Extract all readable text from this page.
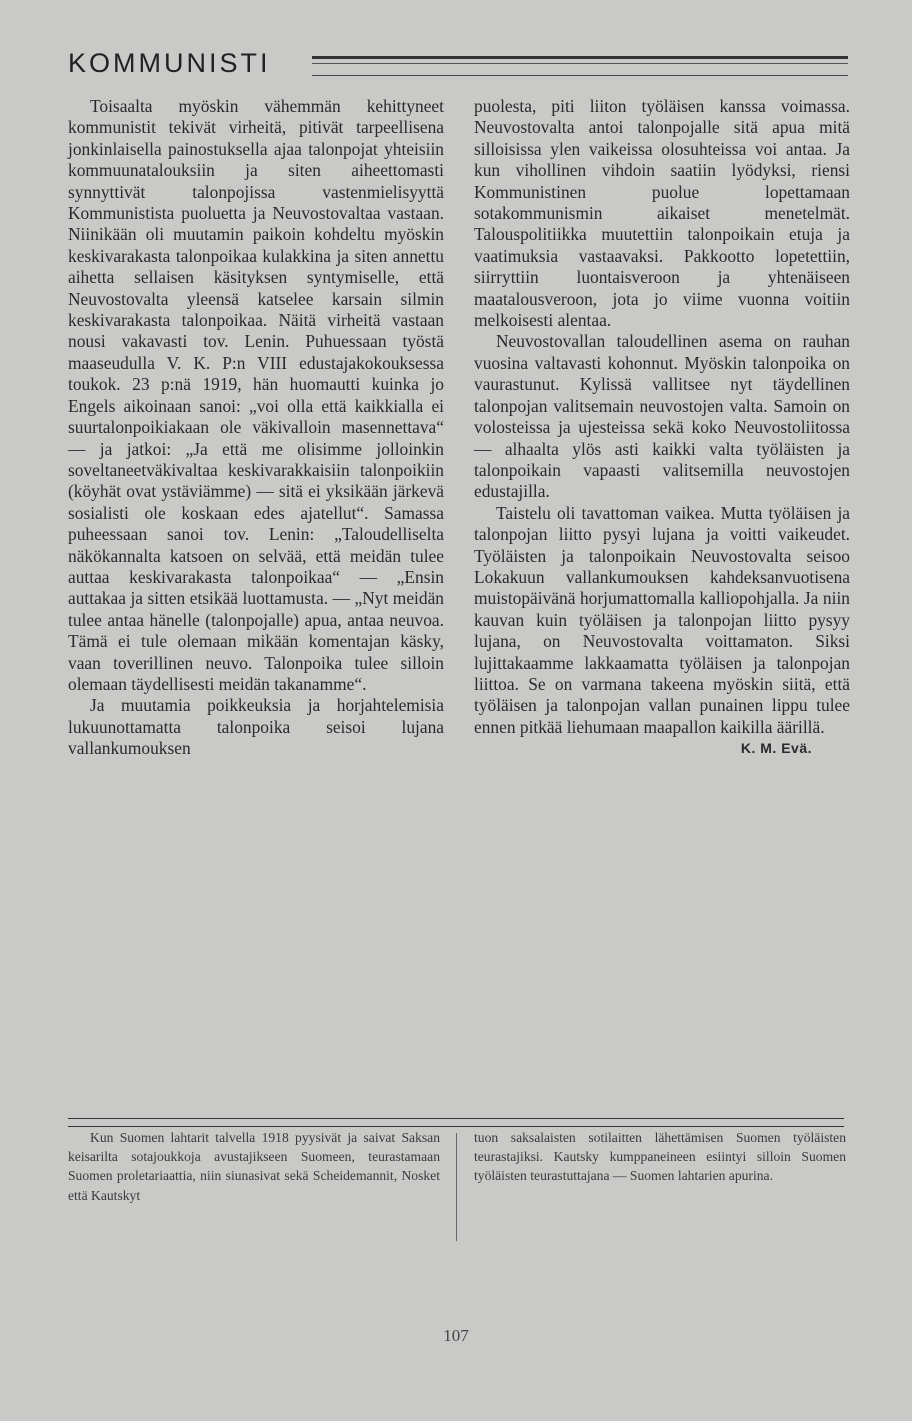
KOMMUNISTI

Toisaalta myöskin vähemmän kehittyneet kommunistit tekivät virheitä, pitivät tarpeellisena jonkinlaisella painostuksella ajaa talonpojat yhteisiin kommuunatalouksiin ja siten aiheettomasti synnyttivät talonpojissa vastenmielisyyttä Kommunistista puoluetta ja Neuvostovaltaa vastaan. Niinikään oli muutamin paikoin kohdeltu myöskin keskivarakasta talonpoikaa kulakkina ja siten annettu aihetta sellaisen käsityksen syntymiselle, että Neuvostovalta yleensä katselee karsain silmin keskivarakasta talonpoikaa. Näitä virheitä vastaan nousi vakavasti tov. Lenin. Puhuessaan työstä maaseudulla V. K. P:n VIII edustajakokouksessa toukok. 23 p:nä 1919, hän huomautti kuinka jo Engels aikoinaan sanoi: „voi olla että kaikkialla ei suurtalonpoikiakaan ole väkivalloin masennettava“ — ja jatkoi: „Ja että me olisimme jolloinkin soveltaneetväkivaltaa keskivarakkaisiin talonpoikiin (köyhät ovat ystäviämme) — sitä ei yksikään järkevä sosialisti ole koskaan edes ajatellut“. Samassa puheessaan sanoi tov. Lenin: „Taloudelliselta näkökannalta katsoen on selvää, että meidän tulee auttaa keskivarakasta talonpoikaa“ — „Ensin auttakaa ja sitten etsikää luottamusta. — „Nyt meidän tulee antaa hänelle (talonpojalle) apua, antaa neuvoa. Tämä ei tule olemaan mikään komentajan käsky, vaan toverillinen neuvo. Talonpoika tulee silloin olemaan täydellisesti meidän takanamme“.

Ja muutamia poikkeuksia ja horjahtelemisia lukuunottamatta talonpoika seisoi lujana vallankumouksen

puolesta, piti liiton työläisen kanssa voimassa. Neuvostovalta antoi talonpojalle sitä apua mitä silloisissa ylen vaikeissa olosuhteissa voi antaa. Ja kun vihollinen vihdoin saatiin lyödyksi, riensi Kommunistinen puolue lopettamaan sotakommunismin aikaiset menetelmät. Talouspolitiikka muutettiin talonpoikain etuja ja vaatimuksia vastaavaksi. Pakkootto lopetettiin, siirryttiin luontaisveroon ja yhtenäiseen maatalousveroon, jota jo viime vuonna voitiin melkoisesti alentaa.

Neuvostovallan taloudellinen asema on rauhan vuosina valtavasti kohonnut. Myöskin talonpoika on vaurastunut. Kylissä vallitsee nyt täydellinen talonpojan valitsemain neuvostojen valta. Samoin on volosteissa ja ujesteissa sekä koko Neuvostoliitossa — alhaalta ylös asti kaikki valta työläisten ja talonpoikain vapaasti valitsemilla neuvostojen edustajilla.

Taistelu oli tavattoman vaikea. Mutta työläisen ja talonpojan liitto pysyi lujana ja voitti vaikeudet. Työläisten ja talonpoikain Neuvostovalta seisoo Lokakuun vallankumouksen kahdeksanvuotisena muistopäivänä horjumattomalla kalliopohjalla. Ja niin kauvan kuin työläisen ja talonpojan liitto pysyy lujana, on Neuvostovalta voittamaton. Siksi lujittakaamme lakkaamatta työläisen ja talonpojan liittoa. Se on varmana takeena myöskin siitä, että työläisen ja talonpojan vallan punainen lippu tulee ennen pitkää liehumaan maapallon kaikilla äärillä.

K. M. Evä.

Kun Suomen lahtarit talvella 1918 pyysivät ja saivat Saksan keisarilta sotajoukkoja avustajikseen Suomeen, teurastamaan Suomen proletariaattia, niin siunasivat sekä Scheidemannit, Nosket että Kautskyt

tuon saksalaisten sotilaitten lähettämisen Suomen työläisten teurastajiksi. Kautsky kumppaneineen esiintyi silloin Suomen työläisten teurastuttajana — Suomen lahtarien apurina.

107
